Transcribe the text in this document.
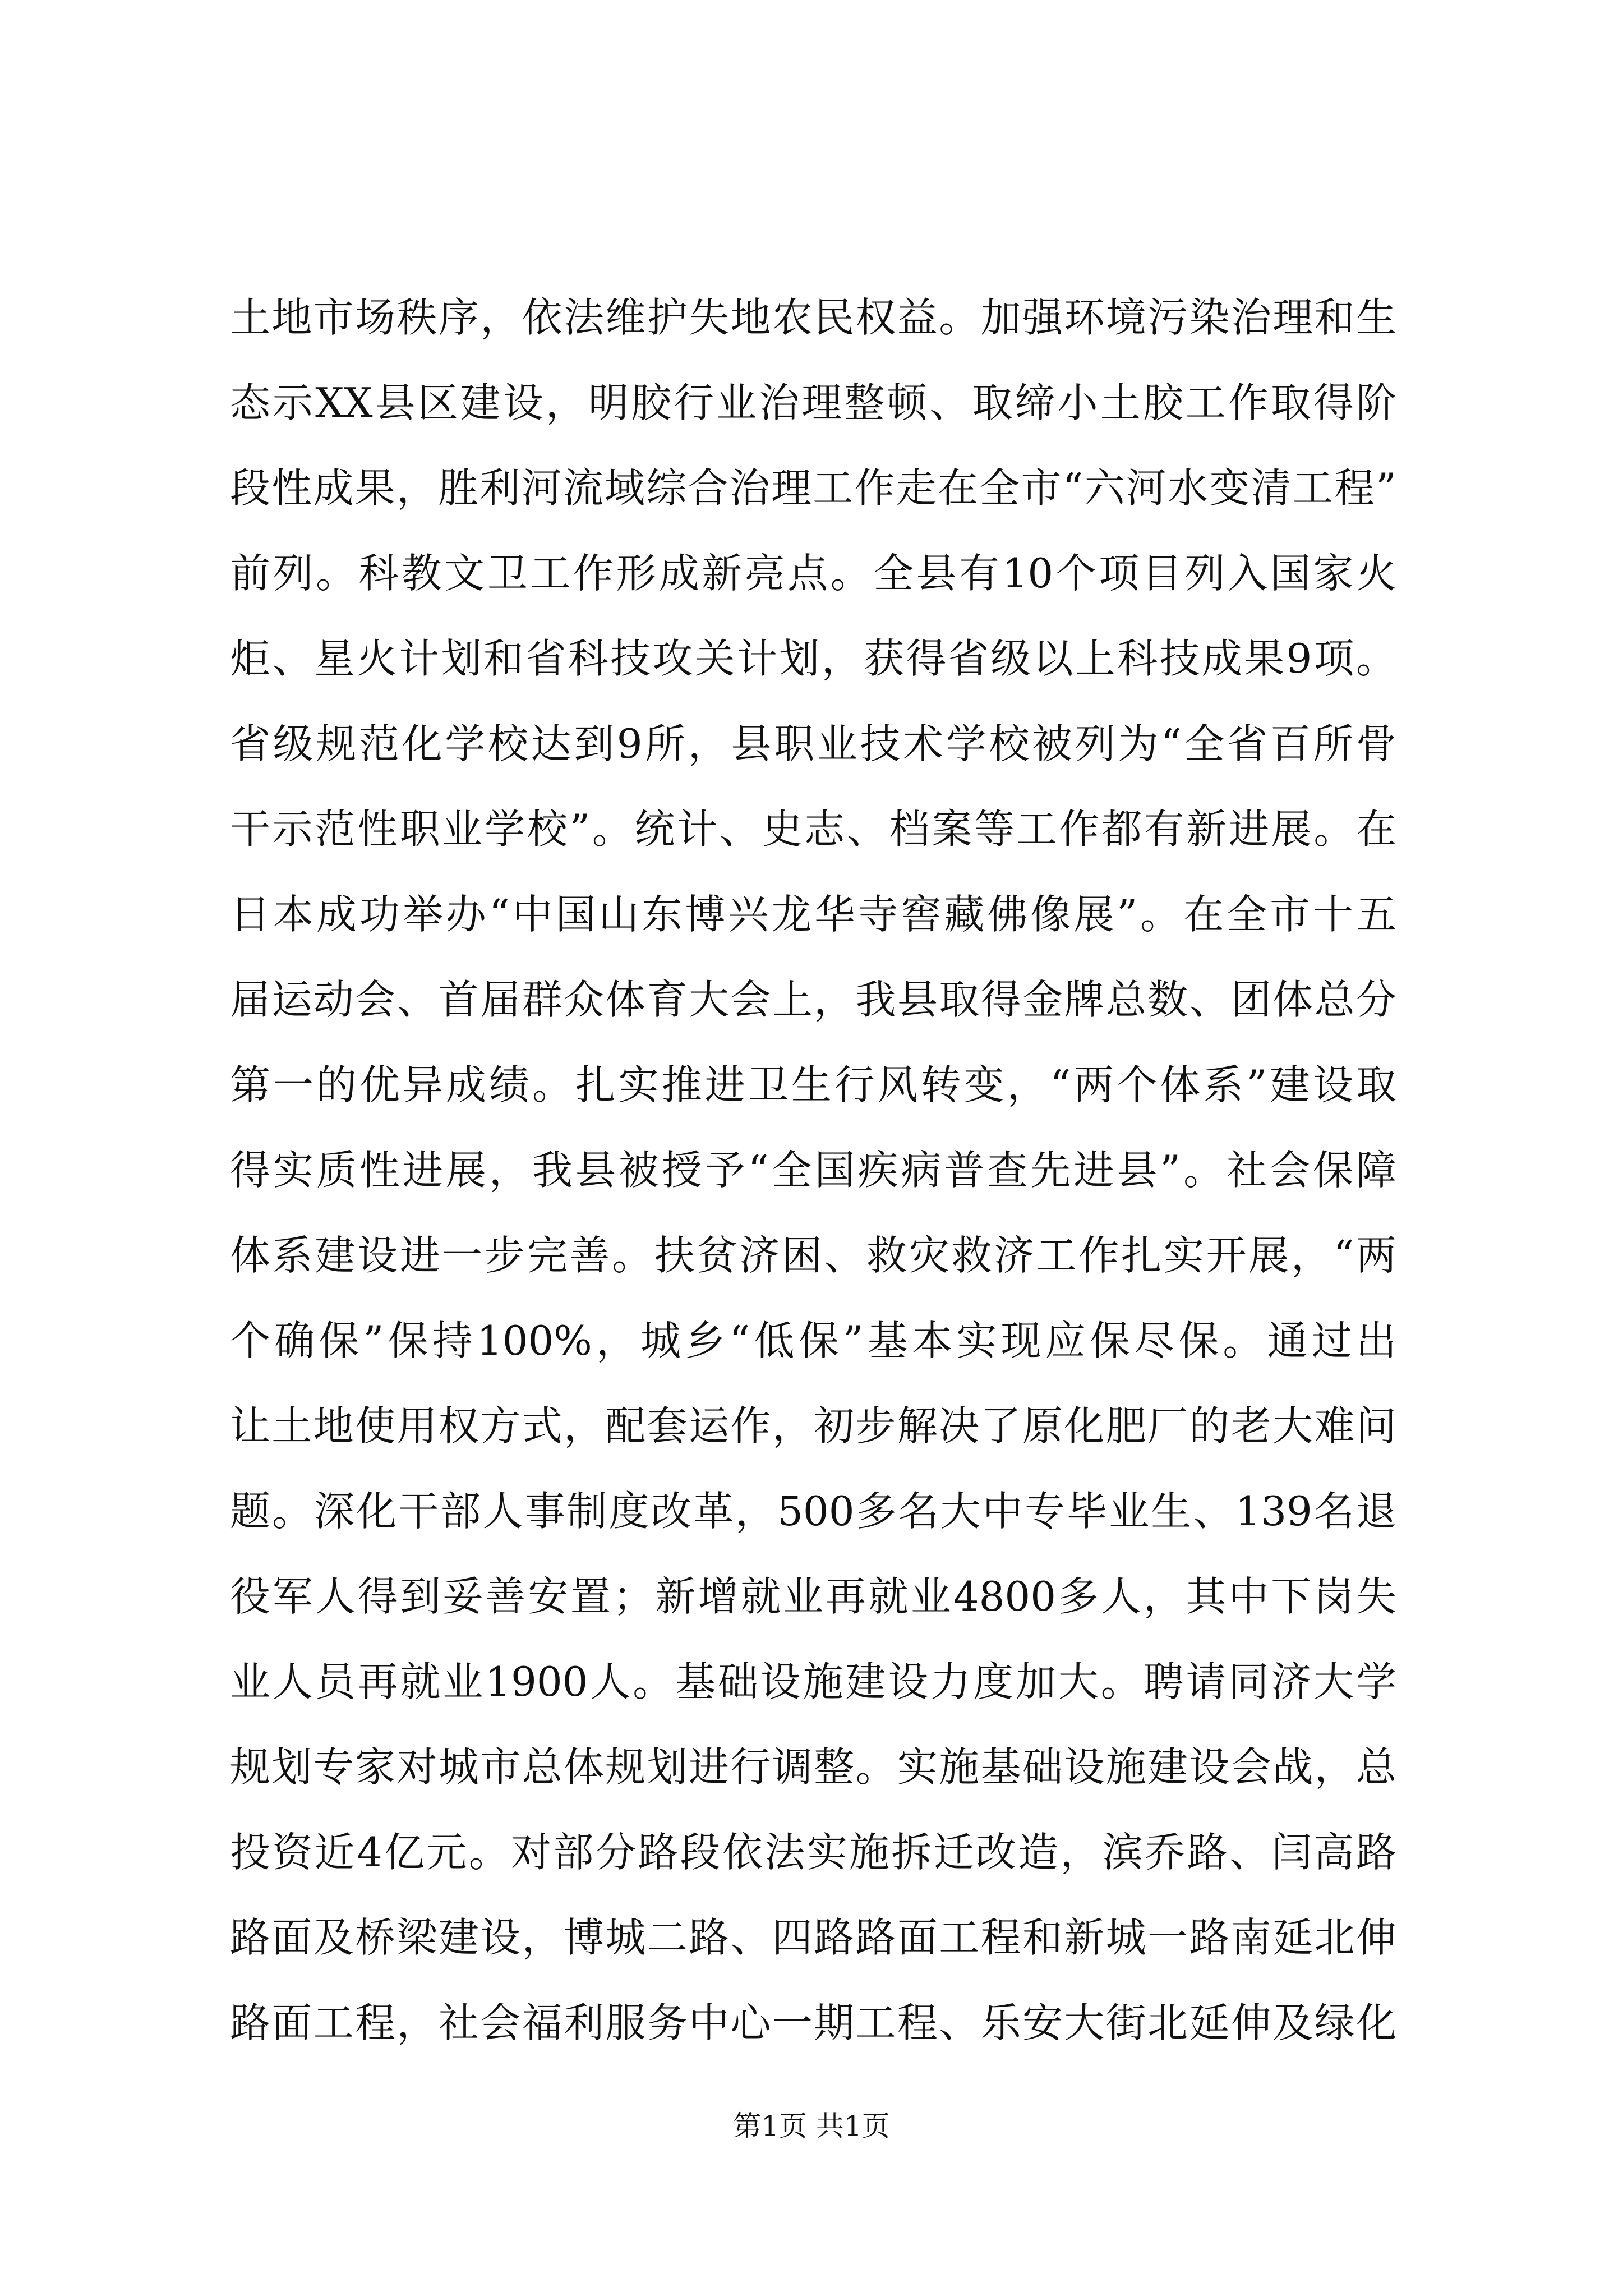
土地市场秩序，依法维护失地农民权益。加强环境污染治理和生
态示XX县区建设，明胶行业治理整顿、取缔小土胶工作取得阶
段性成果，胜利河流域综合治理工作走在全市“六河水变清工程”
前列。科教文卫工作形成新亮点。全县有10个项目列入国家火
炬、星火计划和省科技攻关计划，获得省级以上科技成果9项。
省级规范化学校达到9所，县职业技术学校被列为“全省百所骨
干示范性职业学校”。统计、史志、档案等工作都有新进展。在
日本成功举办“中国山东博兴龙华寺窖藏佛像展”。在全市十五
届运动会、首届群众体育大会上，我县取得金牌总数、团体总分
第一的优异成绩。扎实推进卫生行风转变，“两个体系”建设取
得实质性进展，我县被授予“全国疾病普查先进县”。社会保障
体系建设进一步完善。扶贫济困、救灾救济工作扎实开展，“两
个确保”保持100%，城乡“低保”基本实现应保尽保。通过出
让土地使用权方式，配套运作，初步解决了原化肥厂的老大难问
题。深化干部人事制度改革，500多名大中专毕业生、139名退
役军人得到妥善安置；新增就业再就业4800多人，其中下岗失
业人员再就业1900人。基础设施建设力度加大。聘请同济大学
规划专家对城市总体规划进行调整。实施基础设施建设会战，总
投资近4亿元。对部分路段依法实施拆迁改造，滨乔路、闫高路
路面及桥梁建设，博城二路、四路路面工程和新城一路南延北伸
路面工程，社会福利服务中心一期工程、乐安大街北延伸及绿化
第1页 共1页
